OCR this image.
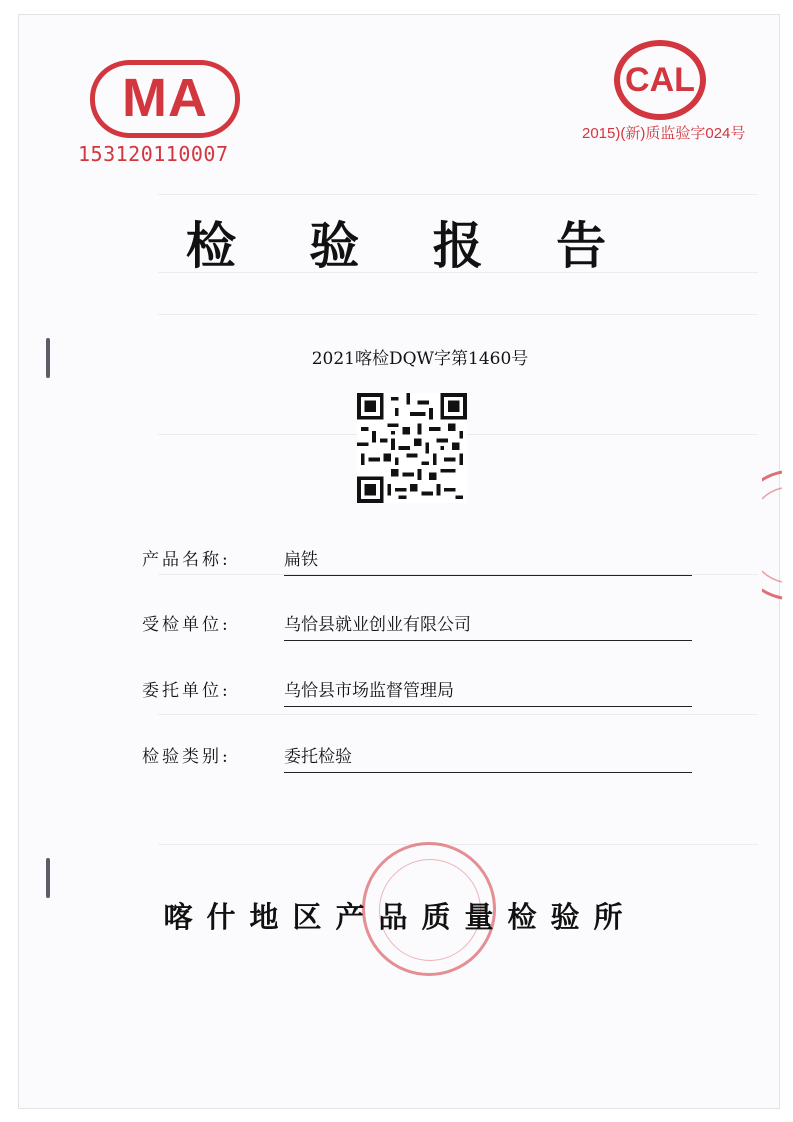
MA
153120110007
CAL
2015)(新)质监验字024号
检 验 报 告
2021喀检DQW字第1460号
产品名称:	扁铁
受检单位:	乌恰县就业创业有限公司
委托单位:	乌恰县市场监督管理局
检验类别:	委托检验
喀什地区产品质量检验所
